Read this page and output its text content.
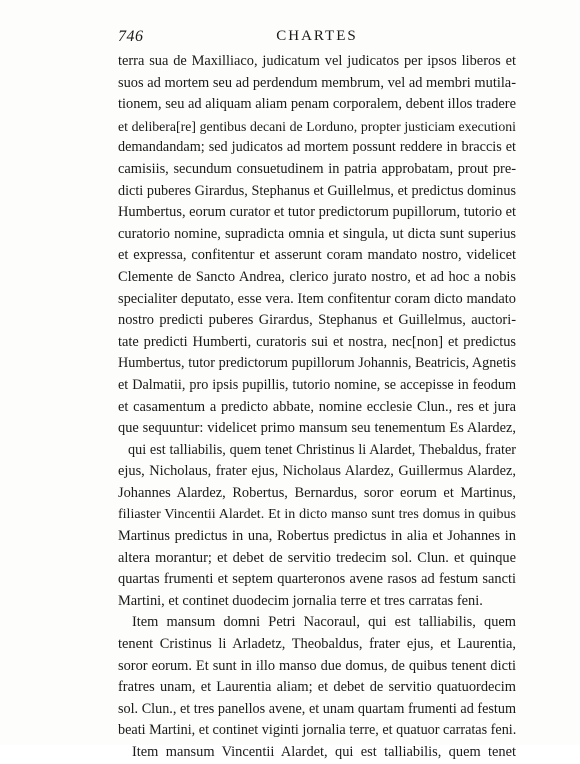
746	CHARTES
terra sua de Maxilliaco, judicatum vel judicatos per ipsos liberos et
suos ad mortem seu ad perdendum membrum, vel ad membri mutila-
tionem, seu ad aliquam aliam penam corporalem, debent illos tradere
et delibera[re] gentibus decani de Lorduno, propter justiciam executioni
demandandam; sed judicatos ad mortem possunt reddere in braccis et
camisiis, secundum consuetudinem in patria approbatam, prout pre-
dicti puberes Girardus, Stephanus et Guillelmus, et predictus dominus
Humbertus, eorum curator et tutor predictorum pupillorum, tutorio et
curatorio nomine, supradicta omnia et singula, ut dicta sunt superius
et expressa, confitentur et asserunt coram mandato nostro, videlicet
Clemente de Sancto Andrea, clerico jurato nostro, et ad hoc a nobis
specialiter deputato, esse vera. Item confitentur coram dicto mandato
nostro predicti puberes Girardus, Stephanus et Guillelmus, auctori-
tate predicti Humberti, curatoris sui et nostra, nec[non] et predictus
Humbertus, tutor predictorum pupillorum Johannis, Beatricis, Agnetis
et Dalmatii, pro ipsis pupillis, tutorio nomine, se accepisse in feodum
et casamentum a predicto abbate, nomine ecclesie Clun., res et jura
que sequuntur: videlicet primo mansum seu tenementum Es Alardez,
qui est talliabilis, quem tenet Christinus li Alardet, Thebaldus, frater
ejus, Nicholaus, frater ejus, Nicholaus Alardez, Guillermus Alardez,
Johannes Alardez, Robertus, Bernardus, soror eorum et Martinus,
filiaster Vincentii Alardet. Et in dicto manso sunt tres domus in quibus
Martinus predictus in una, Robertus predictus in alia et Johannes in
altera morantur; et debet de servitio tredecim sol. Clun. et quinque
quartas frumenti et septem quarteronos avene rasos ad festum sancti
Martini, et continet duodecim jornalia terre et tres carratas feni.
Item mansum domni Petri Nacoraul, qui est talliabilis, quem
tenent Cristinus li Arladetz, Theobaldus, frater ejus, et Laurentia,
soror eorum. Et sunt in illo manso due domus, de quibus tenent dicti
fratres unam, et Laurentia aliam; et debet de servitio quatuordecim
sol. Clun., et tres panellos avene, et unam quartam frumenti ad festum
beati Martini, et continet viginti jornalia terre, et quatuor carratas feni.
Item mansum Vincentii Alardet, qui est talliabilis, quem tenet
